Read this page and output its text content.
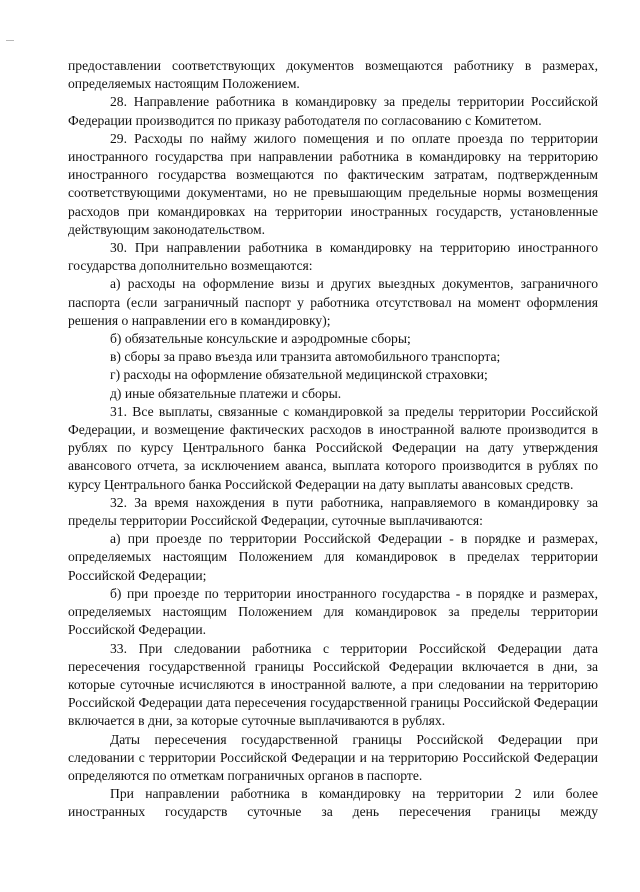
предоставлении соответствующих документов возмещаются работнику в размерах, определяемых настоящим Положением.

28. Направление работника в командировку за пределы территории Российской Федерации производится по приказу работодателя по согласованию с Комитетом.

29. Расходы по найму жилого помещения и по оплате проезда по территории иностранного государства при направлении работника в командировку на территорию иностранного государства возмещаются по фактическим затратам, подтвержденным соответствующими документами, но не превышающим предельные нормы возмещения расходов при командировках на территории иностранных государств, установленные действующим законодательством.

30. При направлении работника в командировку на территорию иностранного государства дополнительно возмещаются:

а) расходы на оформление визы и других выездных документов, заграничного паспорта (если заграничный паспорт у работника отсутствовал на момент оформления решения о направлении его в командировку);

б) обязательные консульские и аэродромные сборы;

в) сборы за право въезда или транзита автомобильного транспорта;

г) расходы на оформление обязательной медицинской страховки;

д) иные обязательные платежи и сборы.

31. Все выплаты, связанные с командировкой за пределы территории Российской Федерации, и возмещение фактических расходов в иностранной валюте производится в рублях по курсу Центрального банка Российской Федерации на дату утверждения авансового отчета, за исключением аванса, выплата которого производится в рублях по курсу Центрального банка Российской Федерации на дату выплаты авансовых средств.

32. За время нахождения в пути работника, направляемого в командировку за пределы территории Российской Федерации, суточные выплачиваются:

а) при проезде по территории Российской Федерации - в порядке и размерах, определяемых настоящим Положением для командировок в пределах территории Российской Федерации;

б) при проезде по территории иностранного государства - в порядке и размерах, определяемых настоящим Положением для командировок за пределы территории Российской Федерации.

33. При следовании работника с территории Российской Федерации дата пересечения государственной границы Российской Федерации включается в дни, за которые суточные исчисляются в иностранной валюте, а при следовании на территорию Российской Федерации дата пересечения государственной границы Российской Федерации включается в дни, за которые суточные выплачиваются в рублях.

Даты пересечения государственной границы Российской Федерации при следовании с территории Российской Федерации и на территорию Российской Федерации определяются по отметкам пограничных органов в паспорте.

При направлении работника в командировку на территории 2 или более иностранных государств суточные за день пересечения границы между
